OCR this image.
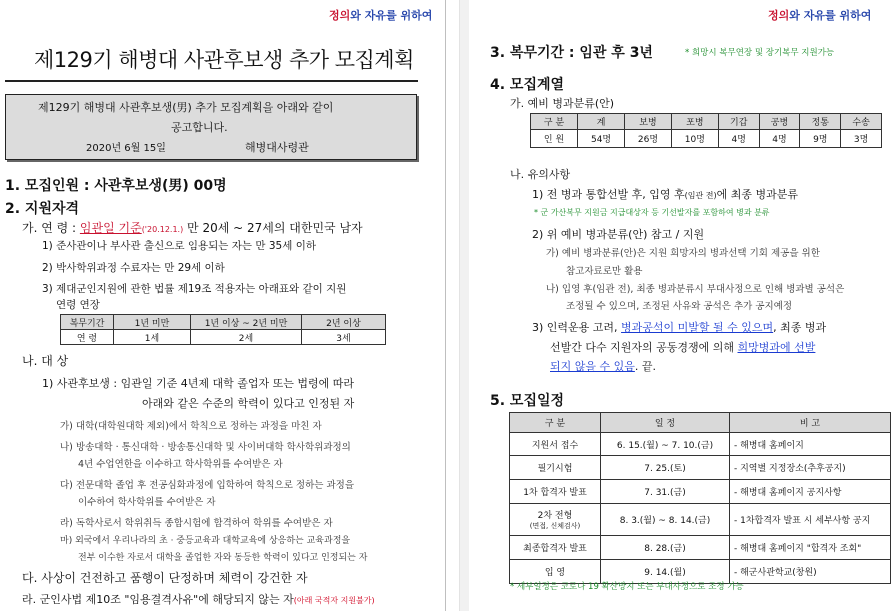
정의와 자유를 위하여
제129기 해병대 사관후보생 추가 모집계획
제129기 해병대 사관후보생(男) 추가 모집계획을 아래와 같이
공고합니다.
2020년 6월 15일	해병대사령관
1. 모집인원 : 사관후보생(男) 00명
2. 지원자격
가. 연 령 : 임관일 기준('20.12.1.) 만 20세 ~ 27세의 대한민국 남자
1) 준사관이나 부사관 출신으로 임용되는 자는 만 35세 이하
2) 박사학위과정 수료자는 만 29세 이하
3) 제대군인지원에 관한 법률 제19조 적용자는 아래표와 같이 지원
연령 연장
복무기간	1년 미만	1년 이상 ~ 2년 미만	2년 이상
연 령	1세	2세	3세
나. 대 상
1) 사관후보생 : 임관일 기준 4년제 대학 졸업자 또는 법령에 따라
아래와 같은 수준의 학력이 있다고 인정된 자
가) 대학(대학원대학 제외)에서 학칙으로 정하는 과정을 마친 자
나) 방송대학 · 통신대학 · 방송통신대학 및 사이버대학 학사학위과정의
4년 수업연한을 이수하고 학사학위를 수여받은 자
다) 전문대학 졸업 후 전공심화과정에 입학하여 학칙으로 정하는 과정을
이수하여 학사학위를 수여받은 자
라) 독학사로서 학위취득 종합시험에 합격하여 학위를 수여받은 자
마) 외국에서 우리나라의 초 · 중등교육과 대학교육에 상응하는 교육과정을
전부 이수한 자로서 대학을 졸업한 자와 동등한 학력이 있다고 인정되는 자
다. 사상이 건전하고 품행이 단정하며 체력이 강건한 자
라. 군인사법 제10조 "임용결격사유"에 해당되지 않는 자(아래 국적자 지원불가)
정의와 자유를 위하여
3. 복무기간 : 임관 후 3년	* 희망시 복무연장 및 장기복무 지원가능
4. 모집계열
가. 예비 병과분류(안)
구 분	계	보병	포병	기갑	공병	정통	수송
인 원	54명	26명	10명	4명	4명	9명	3명
나. 유의사항
1) 전 병과 통합선발 후, 입영 후(임관 전)에 최종 병과분류
* 군 가산복무 지원금 지급대상자 등 기선발자를 포함하여 병과 분류
2) 위 예비 병과분류(안) 참고 / 지원
가) 예비 병과분류(안)은 지원 희망자의 병과선택 기회 제공을 위한
참고자료로만 활용
나) 입영 후(임관 전), 최종 병과분류시 부대사정으로 인해 병과별 공석은
조정될 수 있으며, 조정된 사유와 공석은 추가 공지예정
3) 인력운용 고려, 병과공석이 미발할 될 수 있으며, 최종 병과
선발간 다수 지원자의 공동경쟁에 의해 희망병과에 선발
되지 않을 수 있음. 끝.
5. 모집일정
구 분	일 정	비 고
지원서 접수	6. 15.(월) ~ 7. 10.(금)	- 해병대 홈페이지
필기시험	7. 25.(토)	- 지역별 지정장소(추후공지)
1차 합격자 발표	7. 31.(금)	- 해병대 홈페이지 공지사항

2차 전형
(면접, 신체검사)	8. 3.(월) ~ 8. 14.(금)	- 1차합격자 발표 시 세부사항 공지
최종합격자 발표	8. 28.(금)	- 해병대 홈페이지 "합격자 조회"
입 영	9. 14.(월)	- 해군사관학교(창원)
* 세부일정은 코로나 19 확산방지 또는 부대사정으로 조정 가능
